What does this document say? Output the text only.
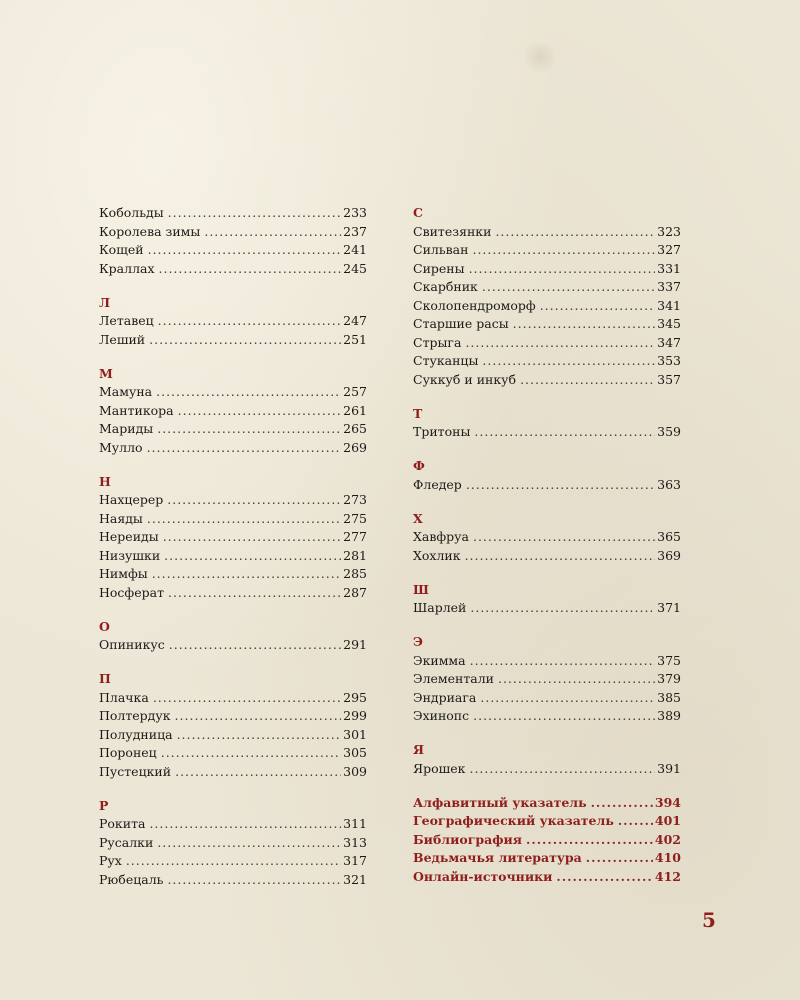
Кобольды .....	233
Королева зимы .....	237
Кощей .....	241
Краллах .....	245
Л
Летавец .....	247
Леший .....	251
М
Мамуна .....	257
Мантикора .....	261
Мариды .....	265
Мулло .....	269
Н
Нахцерер .....	273
Наяды .....	275
Нереиды .....	277
Низушки .....	281
Нимфы .....	285
Носферат .....	287
О
Опиникус .....	291
П
Плачка .....	295
Полтердук .....	299
Полудница .....	301
Поронец .....	305
Пустецкий .....	309
Р
Рокита .....	311
Русалки .....	313
Рух .....	317
Рюбецаль .....	321
С
Свитезянки .....	323
Сильван .....	327
Сирены .....	331
Скарбник .....	337
Сколопендроморф .....	341
Старшие расы .....	345
Стрыга .....	347
Стуканцы .....	353
Суккуб и инкуб .....	357
Т
Тритоны .....	359
Ф
Фледер .....	363
Х
Хавфруа .....	365
Хохлик .....	369
Ш
Шарлей .....	371
Э
Экимма .....	375
Элементали .....	379
Эндриага .....	385
Эхинопс .....	389
Я
Ярошек .....	391
Алфавитный указатель .....	394
Географический указатель .....	401
Библиография .....	402
Ведьмачья литература .....	410
Онлайн-источники .....	412
5
